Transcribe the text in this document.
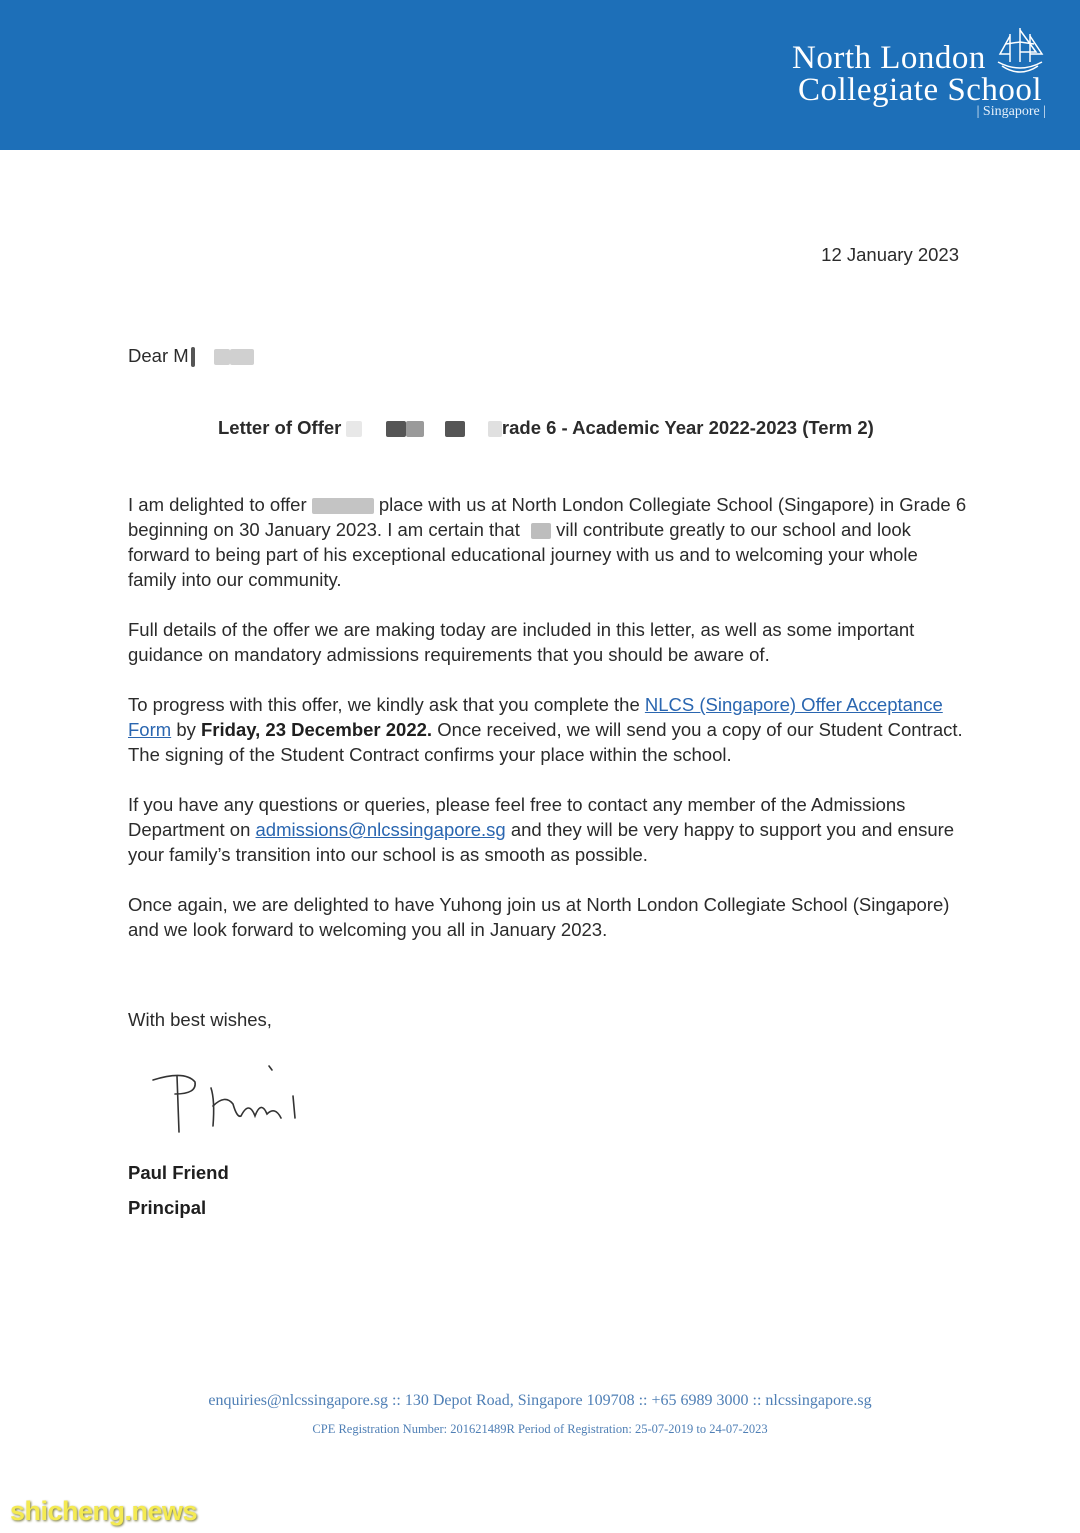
North London
Collegiate School
| Singapore |
12 January 2023
Dear M
Letter of Offer	rade 6 - Academic Year 2022-2023 (Term 2)
I am delighted to offer	place with us at North London Collegiate School (Singapore) in Grade 6 beginning on 30 January 2023. I am certain that vill contribute greatly to our school and look forward to being part of his exceptional educational journey with us and to welcoming your whole family into our community.
Full details of the offer we are making today are included in this letter, as well as some important guidance on mandatory admissions requirements that you should be aware of.
To progress with this offer, we kindly ask that you complete the NLCS (Singapore) Offer Acceptance Form by Friday, 23 December 2022. Once received, we will send you a copy of our Student Contract. The signing of the Student Contract confirms your place within the school.
If you have any questions or queries, please feel free to contact any member of the Admissions Department on admissions@nlcssingapore.sg and they will be very happy to support you and ensure your family’s transition into our school is as smooth as possible.
Once again, we are delighted to have Yuhong join us at North London Collegiate School (Singapore) and we look forward to welcoming you all in January 2023.
With best wishes,
Paul Friend
Principal
enquiries@nlcssingapore.sg :: 130 Depot Road, Singapore 109708 :: +65 6989 3000 :: nlcssingapore.sg
CPE Registration Number: 201621489R Period of Registration: 25-07-2019 to 24-07-2023
shicheng.news
